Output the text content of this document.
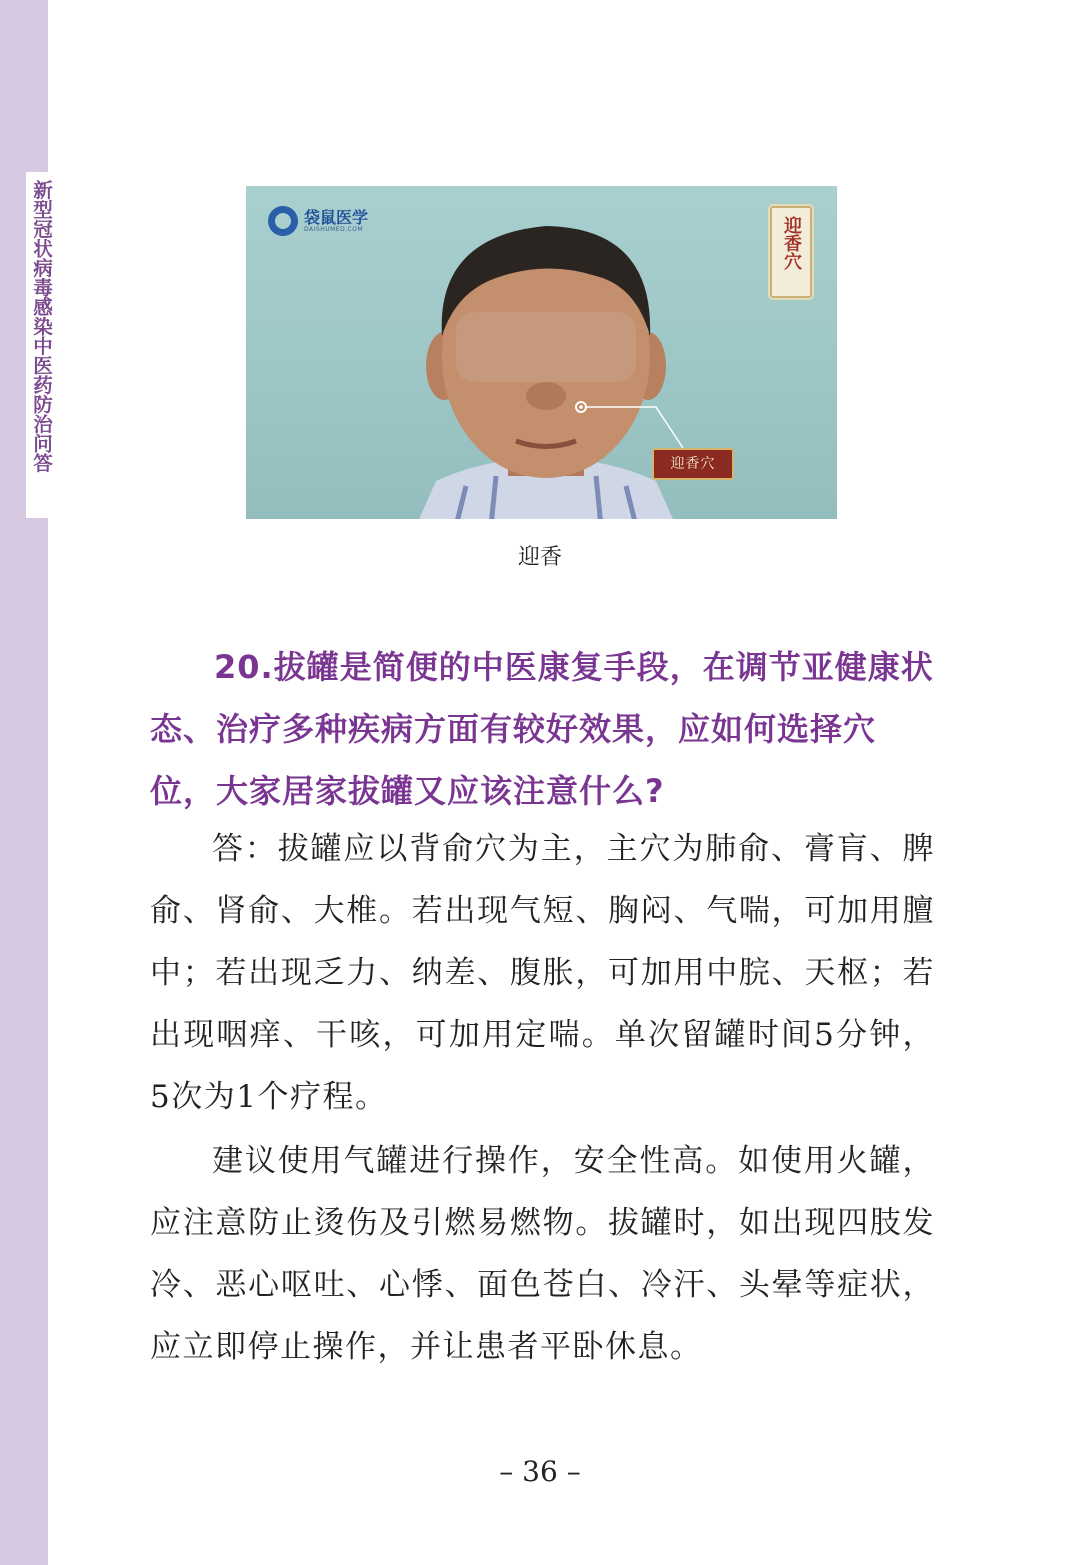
新型冠状病毒感染中医药防治问答	袋鼠医学
DAISHUMED.COM	迎香穴
迎香穴
迎香
20.拔罐是简便的中医康复手段，在调节亚健康状态、治疗多种疾病方面有较好效果，应如何选择穴位，大家居家拔罐又应该注意什么?

答：拔罐应以背俞穴为主，主穴为肺俞、膏肓、脾俞、肾俞、大椎。若出现气短、胸闷、气喘，可加用膻中；若出现乏力、纳差、腹胀，可加用中脘、天枢；若出现咽痒、干咳，可加用定喘。单次留罐时间5分钟，5次为1个疗程。

建议使用气罐进行操作，安全性高。如使用火罐，应注意防止烫伤及引燃易燃物。拔罐时，如出现四肢发冷、恶心呕吐、心悸、面色苍白、冷汗、头晕等症状，应立即停止操作，并让患者平卧休息。

– 36 –
